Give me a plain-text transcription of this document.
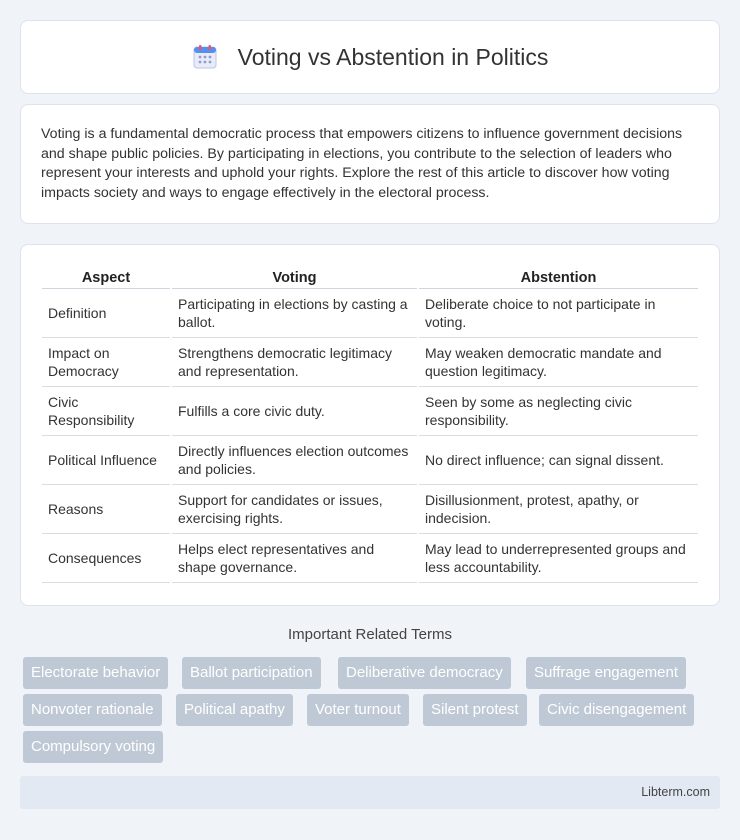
Voting vs Abstention in Politics

Voting is a fundamental democratic process that empowers citizens to influence government decisions and shape public policies. By participating in elections, you contribute to the selection of leaders who represent your interests and uphold your rights. Explore the rest of this article to discover how voting impacts society and ways to engage effectively in the electoral process.

Aspect	Voting	Abstention
Definition	Participating in elections by casting a ballot.	Deliberate choice to not participate in voting.
Impact on Democracy	Strengthens democratic legitimacy and representation.	May weaken democratic mandate and question legitimacy.
Civic Responsibility	Fulfills a core civic duty.	Seen by some as neglecting civic responsibility.
Political Influence	Directly influences election outcomes and policies.	No direct influence; can signal dissent.
Reasons	Support for candidates or issues, exercising rights.	Disillusionment, protest, apathy, or indecision.
Consequences	Helps elect representatives and shape governance.	May lead to underrepresented groups and less accountability.
Important Related Terms
Electorate behavior	Ballot participation	Deliberative democracy	Suffrage engagement
Nonvoter rationale	Political apathy	Voter turnout	Silent protest	Civic disengagement
Compulsory voting
Libterm.com
